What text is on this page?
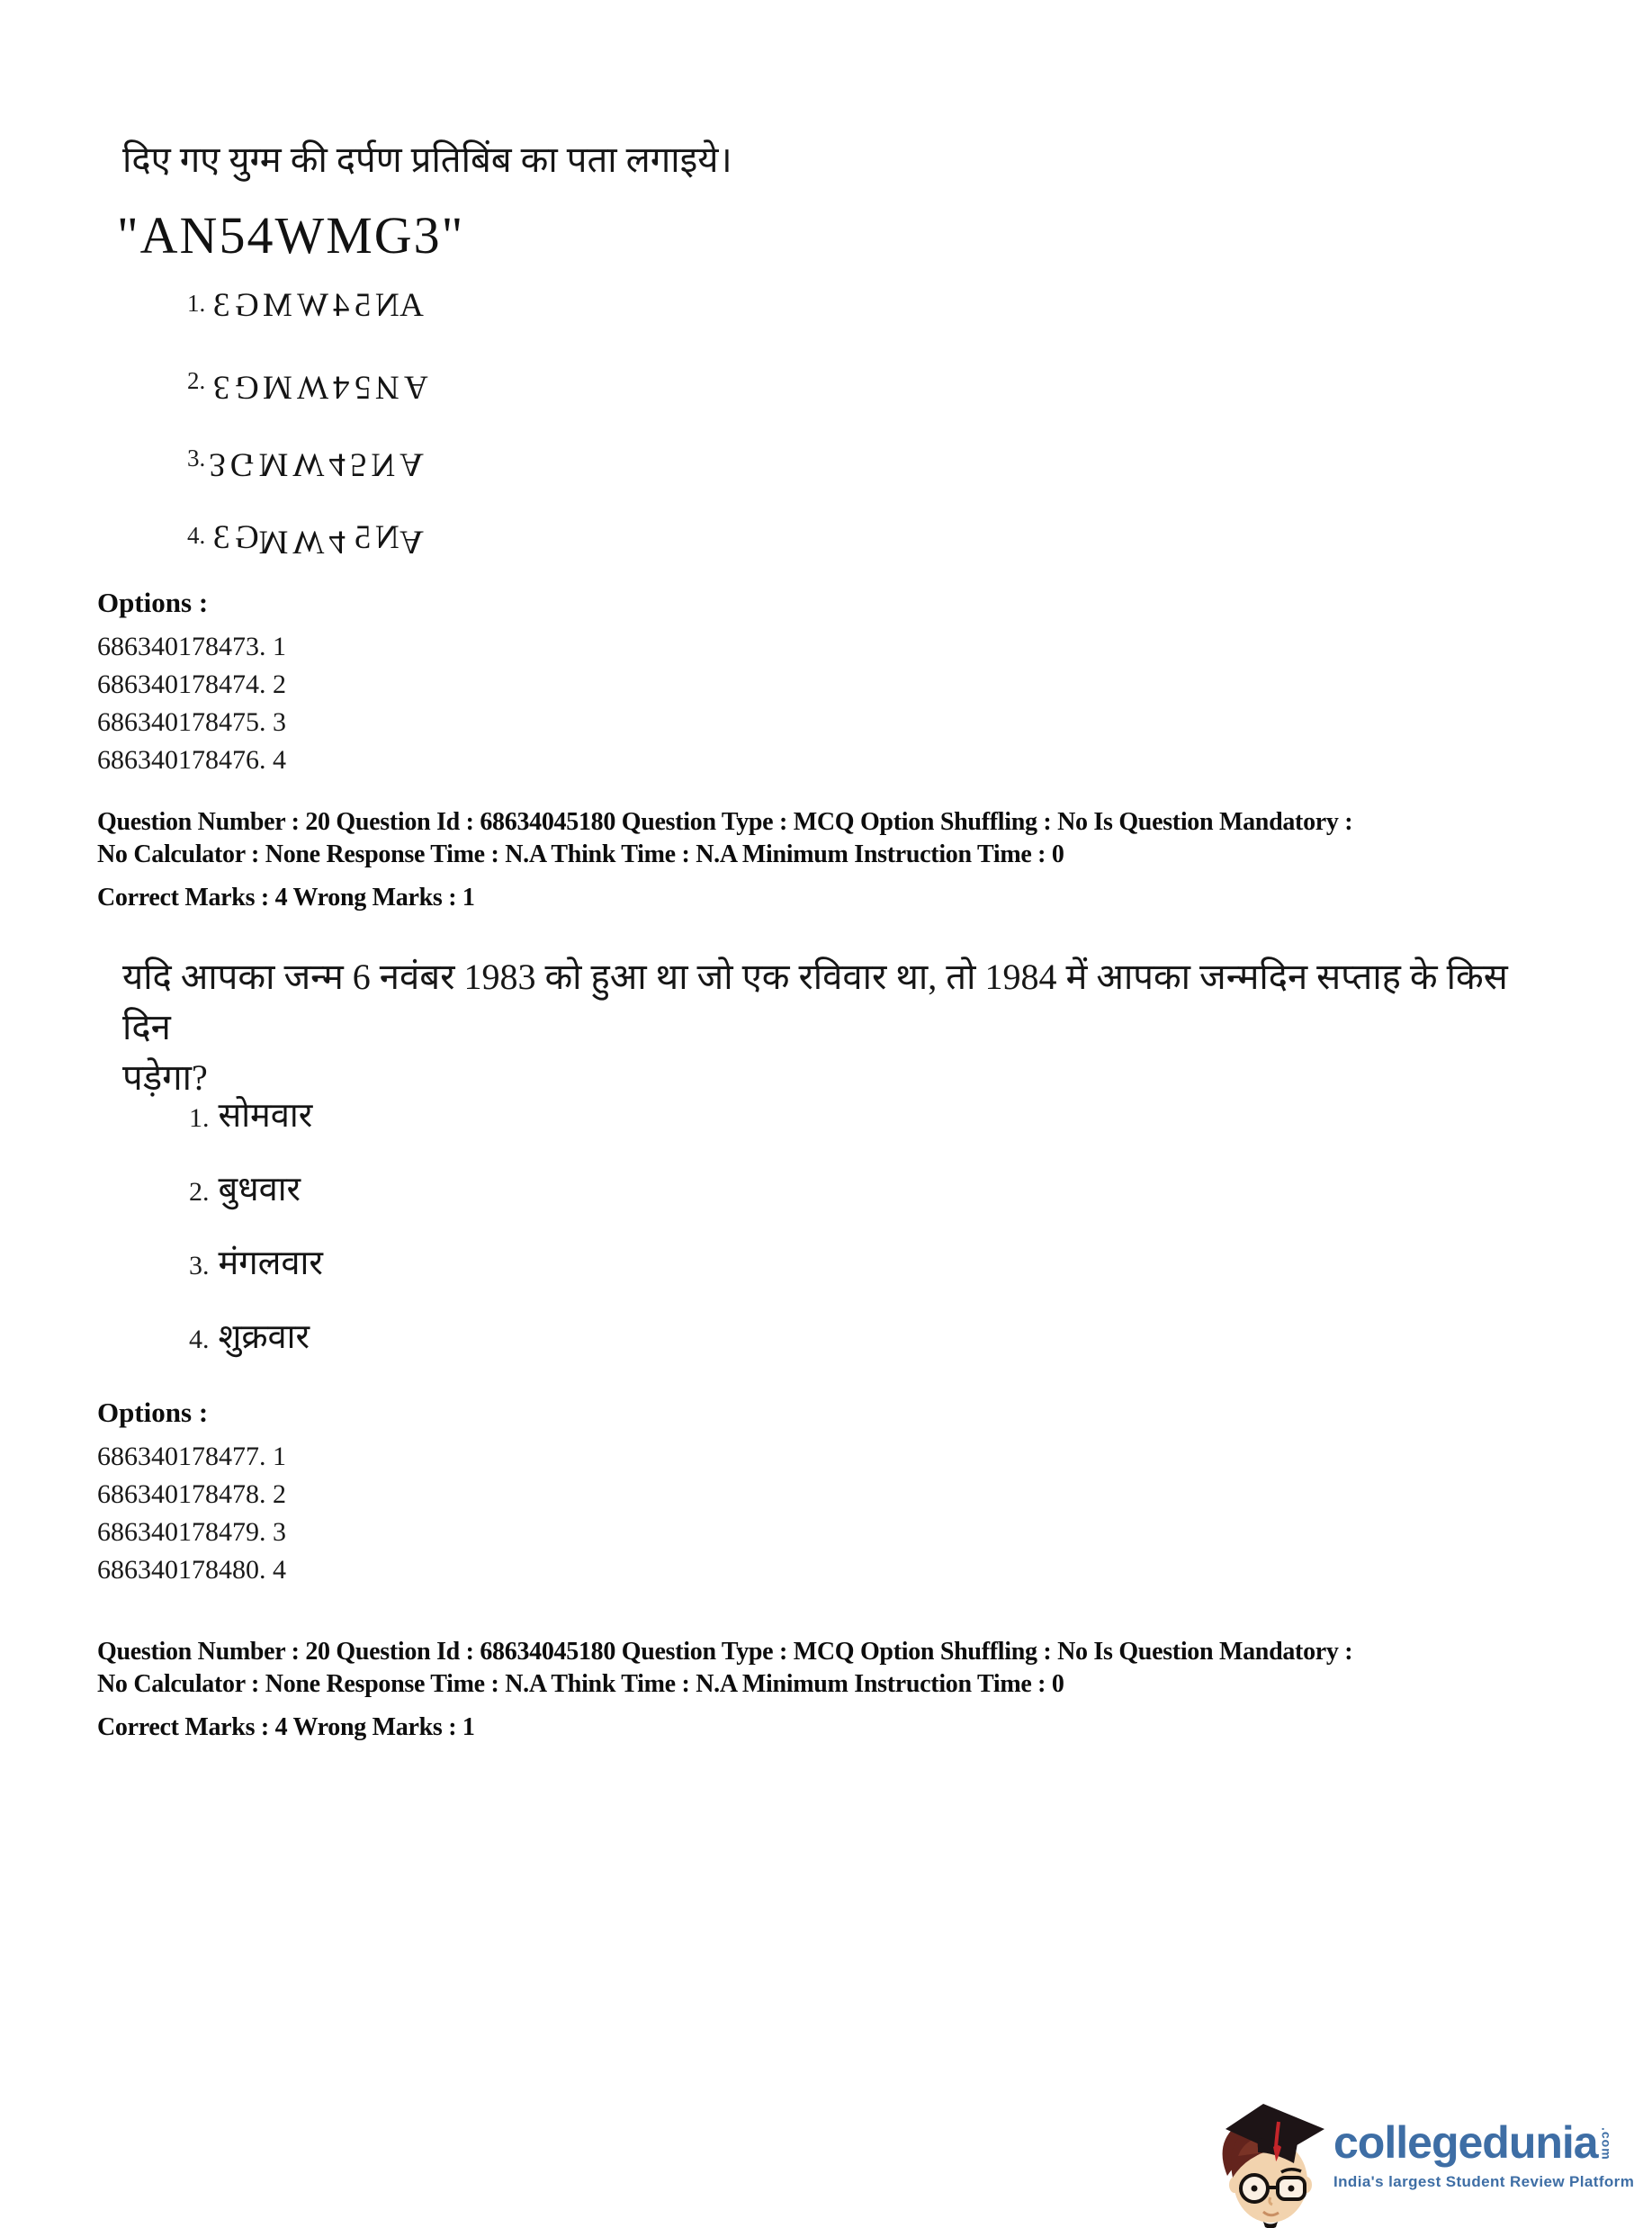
दिए गए युग्म की दर्पण प्रतिबिंब का पता लगाइये।
"AN54WMG3"
1. 3GMW45NA
2. 3GMW45NA
3. 3GMW45NA
4. 3GMW45NA
Options :
686340178473. 1
686340178474. 2
686340178475. 3
686340178476. 4
Question Number : 20 Question Id : 68634045180 Question Type : MCQ Option Shuffling : No Is Question Mandatory :
No Calculator : None Response Time : N.A Think Time : N.A Minimum Instruction Time : 0
Correct Marks : 4 Wrong Marks : 1
यदि आपका जन्म 6 नवंबर 1983 को हुआ था जो एक रविवार था, तो 1984 में आपका जन्मदिन सप्ताह के किस दिन
पड़ेगा?
1. सोमवार
2. बुधवार
3. मंगलवार
4. शुक्रवार
Options :
686340178477. 1
686340178478. 2
686340178479. 3
686340178480. 4
Question Number : 20 Question Id : 68634045180 Question Type : MCQ Option Shuffling : No Is Question Mandatory :
No Calculator : None Response Time : N.A Think Time : N.A Minimum Instruction Time : 0
Correct Marks : 4 Wrong Marks : 1
collegedunia .com
India's largest Student Review Platform
